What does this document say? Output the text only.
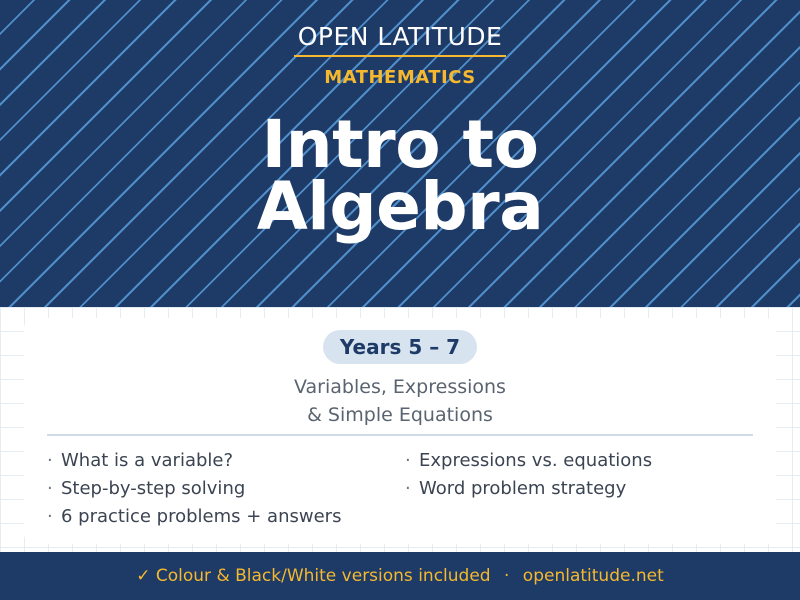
OPEN LATITUDE
MATHEMATICS
Intro to
Algebra
Years 5 – 7
Variables, Expressions
& Simple Equations
· What is a variable?
· Step-by-step solving
· 6 practice problems + answers
· Expressions vs. equations
· Word problem strategy
✓ Colour & Black/White versions included · openlatitude.net
